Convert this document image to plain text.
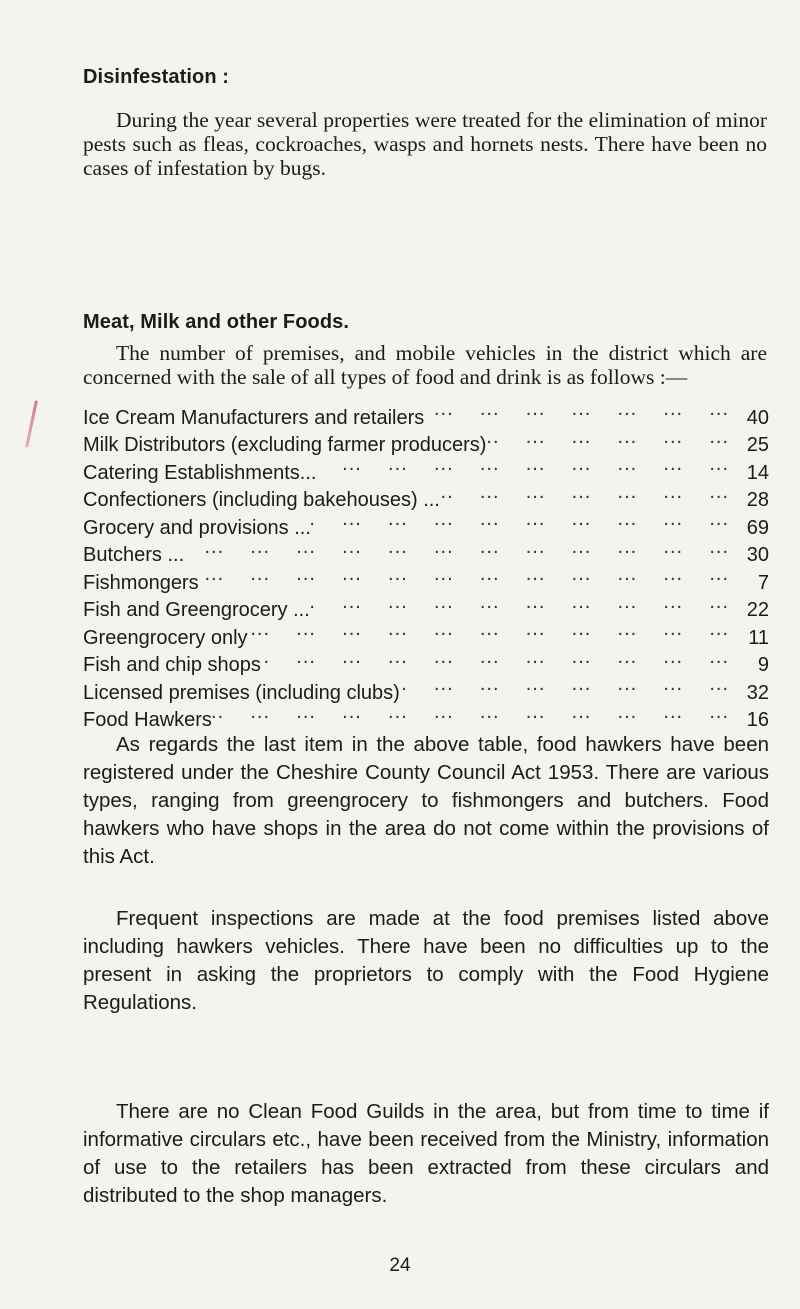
Disinfestation :

During the year several properties were treated for the elimination of minor pests such as fleas, cockroaches, wasps and hornets nests. There have been no cases of infestation by bugs.

Meat, Milk and other Foods.

The number of premises, and mobile vehicles in the district which are concerned with the sale of all types of food and drink is as follows :—

Ice Cream Manufacturers and retailers ...	40
Milk Distributors (excluding farmer producers) ...	25
Catering Establishments... ...	14
Confectioners (including bakehouses) ... ...	28
Grocery and provisions ... ...	69
Butchers ... ...	30
Fishmongers ...	7
Fish and Greengrocery ... ...	22
Greengrocery only ...	11
Fish and chip shops ...	9
Licensed premises (including clubs) ...	32
Food Hawkers ...	16

As regards the last item in the above table, food hawkers have been registered under the Cheshire County Council Act 1953. There are various types, ranging from greengrocery to fishmongers and butchers. Food hawkers who have shops in the area do not come within the provisions of this Act.

Frequent inspections are made at the food premises listed above including hawkers vehicles. There have been no difficulties up to the present in asking the proprietors to comply with the Food Hygiene Regulations.

There are no Clean Food Guilds in the area, but from time to time if informative circulars etc., have been received from the Ministry, information of use to the retailers has been extracted from these circulars and distributed to the shop managers.

24
